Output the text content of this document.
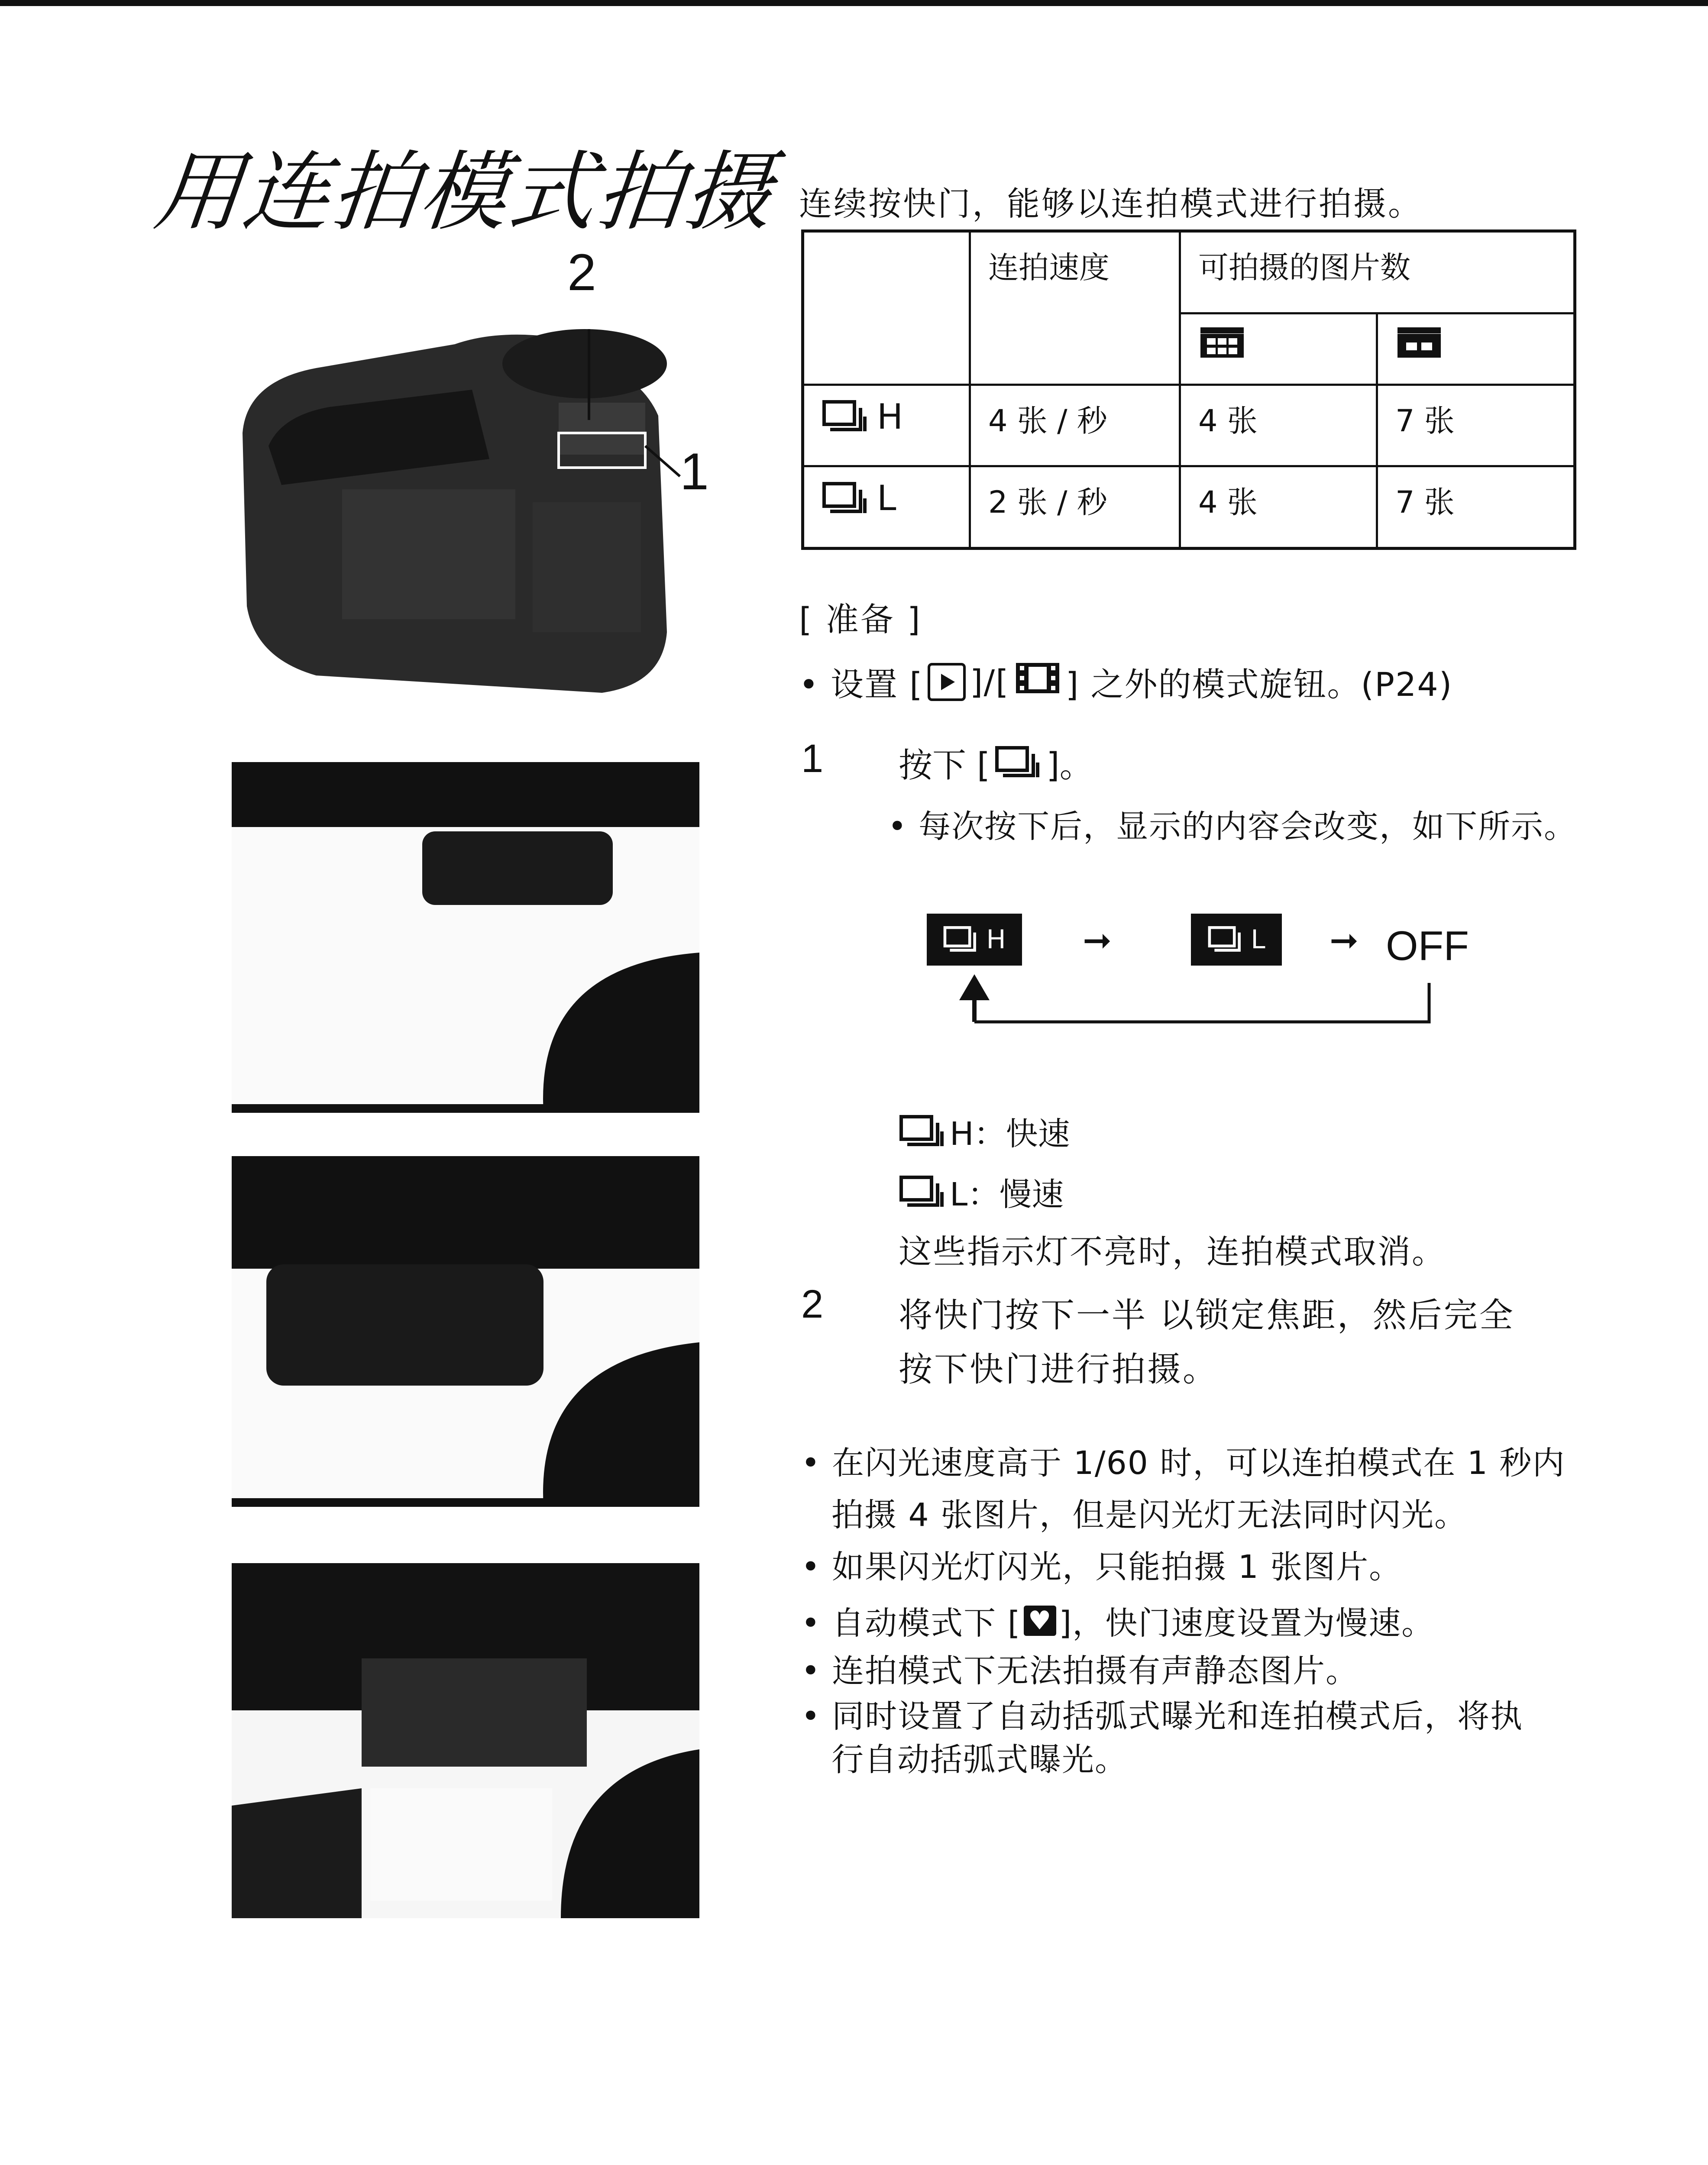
用连拍模式拍摄
2
1
连续按快门，能够以连拍模式进行拍摄。
	连拍速度	可拍摄的图片数	

H	4 张 / 秒	4 张	7 张

L	2 张 / 秒	4 张	7 张
[ 准备 ]
• 设置 [ ]/[ ] 之外的模式旋钮。(P24)
1 按下 [ ]。
• 每次按下后，显示的内容会改变，如下所示。
H ➞	L ➞ OFF
H：快速
L：慢速
这些指示灯不亮时，连拍模式取消。
2 将快门按下一半 以锁定焦距，然后完全
按下快门进行拍摄。
• 在闪光速度高于 1/60 时，可以连拍模式在 1 秒内
拍摄 4 张图片，但是闪光灯无法同时闪光。
• 如果闪光灯闪光，只能拍摄 1 张图片。
• 自动模式下 [ ♥ ]，快门速度设置为慢速。
• 连拍模式下无法拍摄有声静态图片。
• 同时设置了自动括弧式曝光和连拍模式后，将执
行自动括弧式曝光。
